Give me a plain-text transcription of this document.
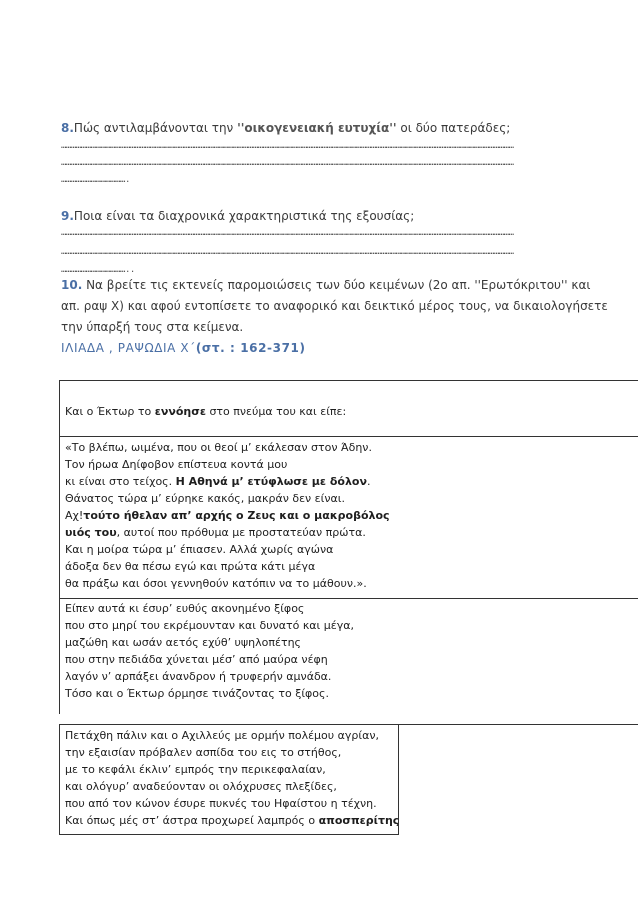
8.Πώς αντιλαμβάνονται την ''οικογενειακή ευτυχία'' οι δύο πατεράδες;
……………………………………………………………………………………………………………………………………………………………………………………………………………………………………………………
……………………………………………………………………………………………………………………………………………………………………………………………………………………………………………………
………………………………….
9.Ποια είναι τα διαχρονικά χαρακτηριστικά της εξουσίας;
……………………………………………………………………………………………………………………………………………………………………………………………………………………………………………………
……………………………………………………………………………………………………………………………………………………………………………………………………………………………………………………
…………………………………..
10. Να βρείτε τις εκτενείς παρομοιώσεις των δύο κειμένων (2ο απ. ''Ερωτόκριτου'' και
απ. ραψ Χ) και αφού εντοπίσετε το αναφορικό και δεικτικό μέρος τους, να δικαιολογήσετε
την ύπαρξή τους στα κείμενα.
ΙΛΙΑΔΑ , ΡΑΨΩΔΙΑ Χ΄(στ. : 162-371)
Και ο Έκτωρ το εννόησε στο πνεύμα του και είπε:
«Το βλέπω, ωιμένα, που οι θεοί μ’ εκάλεσαν στον Άδην.
Τον ήρωα Δηίφοβον επίστευα κοντά μου
κι είναι στο τείχος. Η Αθηνά μ’ ετύφλωσε με δόλον.
Θάνατος τώρα μ’ εύρηκε κακός, μακράν δεν είναι.
Αχ!τούτο ήθελαν απ’ αρχής ο Ζευς και ο μακροβόλος
υιός του, αυτοί που πρόθυμα με προστατεύαν πρώτα.
Και η μοίρα τώρα μ’ έπιασεν. Αλλά χωρίς αγώνα
άδοξα δεν θα πέσω εγώ και πρώτα κάτι μέγα
θα πράξω και όσοι γεννηθούν κατόπιν να το μάθουν.».
Είπεν αυτά κι έσυρ’ ευθύς ακονημένο ξίφος
που στο μηρί του εκρέμουνταν και δυνατό και μέγα,
μαζώθη και ωσάν αετός εχύθ’ υψηλοπέτης
που στην πεδιάδα χύνεται μέσ’ από μαύρα νέφη
λαγόν ν’ αρπάξει άνανδρον ή τρυφερήν αμνάδα.
Τόσο και ο Έκτωρ όρμησε τινάζοντας το ξίφος.
Πετάχθη πάλιν και ο Αχιλλεύς με ορμήν πολέμου αγρίαν,
την εξαισίαν πρόβαλεν ασπίδα του εις το στήθος,
με το κεφάλι έκλιν’ εμπρός την περικεφαλαίαν,
και ολόγυρ’ αναδεύονταν οι ολόχρυσες πλεξίδες,
που από τον κώνον έσυρε πυκνές του Ηφαίστου η τέχνη.
Και όπως μές στ’ άστρα προχωρεί λαμπρός ο αποσπερίτης
